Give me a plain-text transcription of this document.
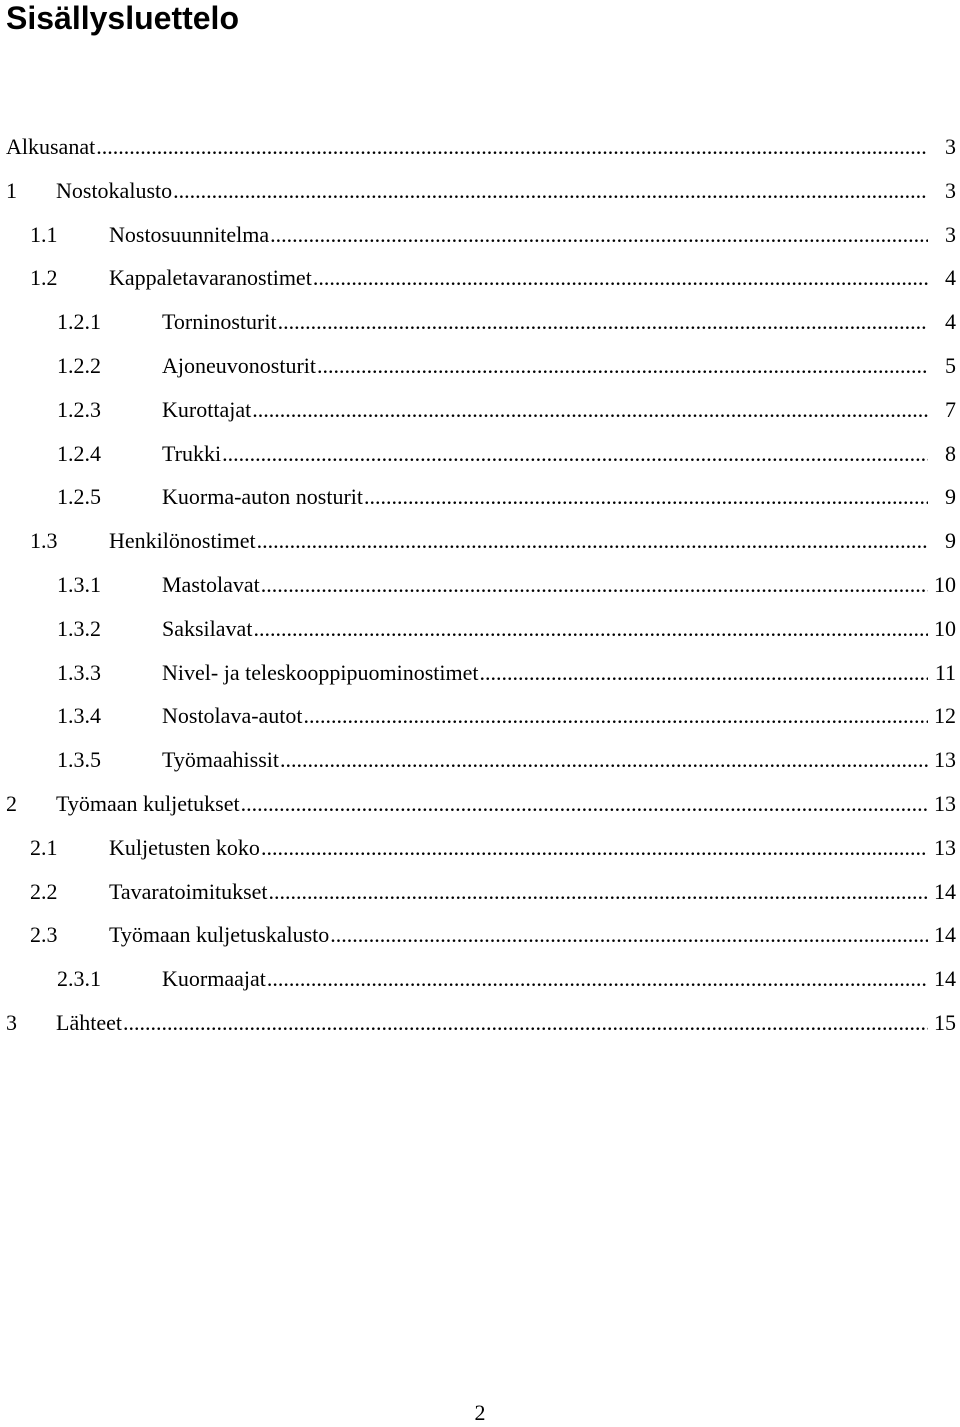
Sisällysluettelo
Alkusanat .....	3
1	Nostokalusto .....	3
1.1	Nostosuunnitelma .....	3
1.2	Kappaletavaranostimet .....	4
1.2.1	Torninosturit .....	4
1.2.2	Ajoneuvonosturit .....	5
1.2.3	Kurottajat .....	7
1.2.4	Trukki .....	8
1.2.5	Kuorma-auton nosturit .....	9
1.3	Henkilönostimet .....	9
1.3.1	Mastolavat .....	10
1.3.2	Saksilavat .....	10
1.3.3	Nivel- ja teleskooppipuominostimet .....	11
1.3.4	Nostolava-autot .....	12
1.3.5	Työmaahissit .....	13
2	Työmaan kuljetukset .....	13
2.1	Kuljetusten koko .....	13
2.2	Tavaratoimitukset .....	14
2.3	Työmaan kuljetuskalusto .....	14
2.3.1	Kuormaajat .....	14
3	Lähteet .....	15
2
